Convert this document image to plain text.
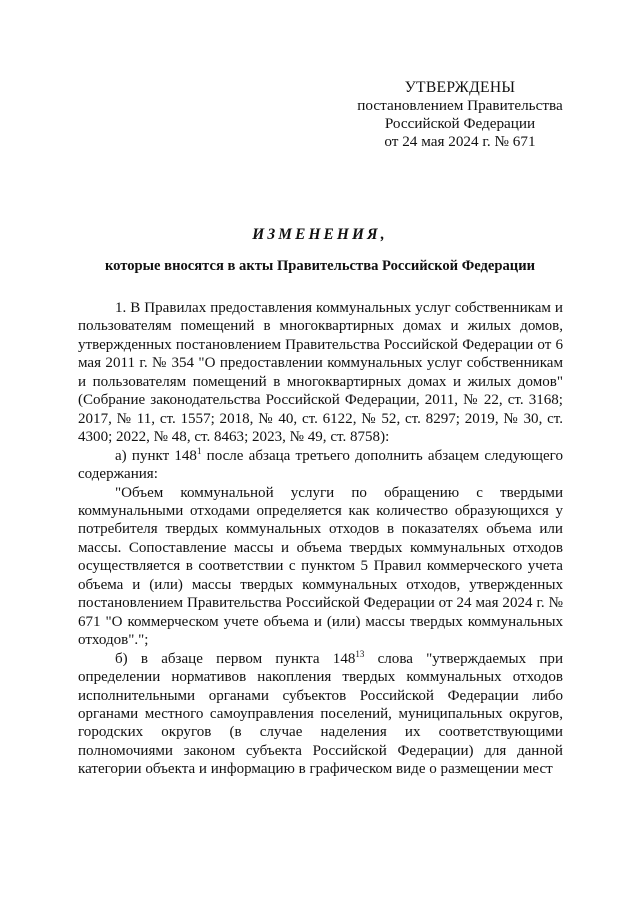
УТВЕРЖДЕНЫ
постановлением Правительства
Российской Федерации
от 24 мая 2024 г. № 671
ИЗМЕНЕНИЯ,
которые вносятся в акты Правительства Российской Федерации

1. В Правилах предоставления коммунальных услуг собственникам и пользователям помещений в многоквартирных домах и жилых домов, утвержденных постановлением Правительства Российской Федерации от 6 мая 2011 г. № 354 "О предоставлении коммунальных услуг собственникам и пользователям помещений в многоквартирных домах и жилых домов" (Собрание законодательства Российской Федерации, 2011, № 22, ст. 3168; 2017, № 11, ст. 1557; 2018, № 40, ст. 6122, № 52, ст. 8297; 2019, № 30, ст. 4300; 2022, № 48, ст. 8463; 2023, № 49, ст. 8758):

а) пункт $148^1$ после абзаца третьего дополнить абзацем следующего содержания:

"Объем коммунальной услуги по обращению с твердыми коммунальными отходами определяется как количество образующихся у потребителя твердых коммунальных отходов в показателях объема или массы. Сопоставление массы и объема твердых коммунальных отходов осуществляется в соответствии с пунктом 5 Правил коммерческого учета объема и (или) массы твердых коммунальных отходов, утвержденных постановлением Правительства Российской Федерации от 24 мая 2024 г. № 671 "О коммерческом учете объема и (или) массы твердых коммунальных отходов".";

б) в абзаце первом пункта $148^{13}$ слова "утверждаемых при определении нормативов накопления твердых коммунальных отходов исполнительными органами субъектов Российской Федерации либо органами местного самоуправления поселений, муниципальных округов, городских округов (в случае наделения их соответствующими полномочиями законом субъекта Российской Федерации) для данной категории объекта и информацию в графическом виде о размещении мест
